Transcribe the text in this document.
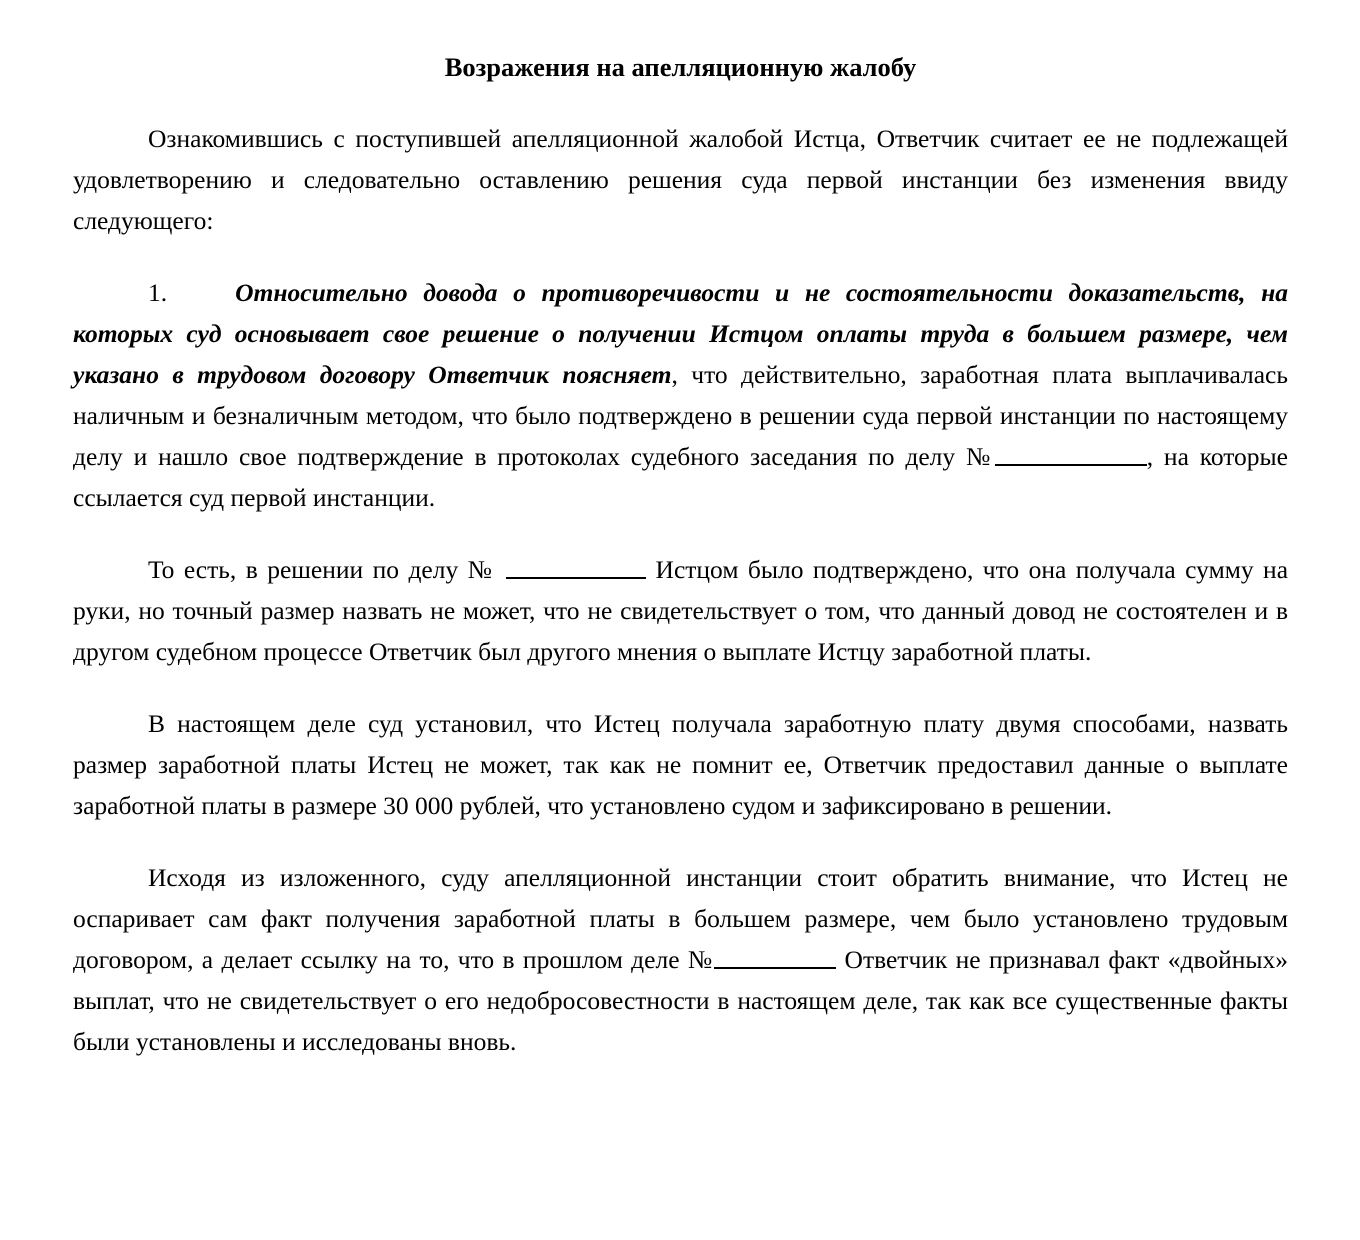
Возражения на апелляционную жалобу

Ознакомившись с поступившей апелляционной жалобой Истца, Ответчик считает ее не подлежащей удовлетворению и следовательно оставлению решения суда первой инстанции без изменения ввиду следующего:

1.	Относительно довода о противоречивости и не состоятельности доказательств, на которых суд основывает свое решение о получении Истцом оплаты труда в большем размере, чем указано в трудовом договору Ответчик поясняет, что действительно, заработная плата выплачивалась наличным и безналичным методом, что было подтверждено в решении суда первой инстанции по настоящему делу и нашло свое подтверждение в протоколах судебного заседания по делу №	, на которые ссылается суд первой инстанции.

То есть, в решении по делу №	Истцом было подтверждено, что она получала сумму на руки, но точный размер назвать не может, что не свидетельствует о том, что данный довод не состоятелен и в другом судебном процессе Ответчик был другого мнения о выплате Истцу заработной платы.

В настоящем деле суд установил, что Истец получала заработную плату двумя способами, назвать размер заработной платы Истец не может, так как не помнит ее, Ответчик предоставил данные о выплате заработной платы в размере 30 000 рублей, что установлено судом и зафиксировано в решении.

Исходя из изложенного, суду апелляционной инстанции стоит обратить внимание, что Истец не оспаривает сам факт получения заработной платы в большем размере, чем было установлено трудовым договором, а делает ссылку на то, что в прошлом деле №	Ответчик не признавал факт «двойных» выплат, что не свидетельствует о его недобросовестности в настоящем деле, так как все существенные факты были установлены и исследованы вновь.
